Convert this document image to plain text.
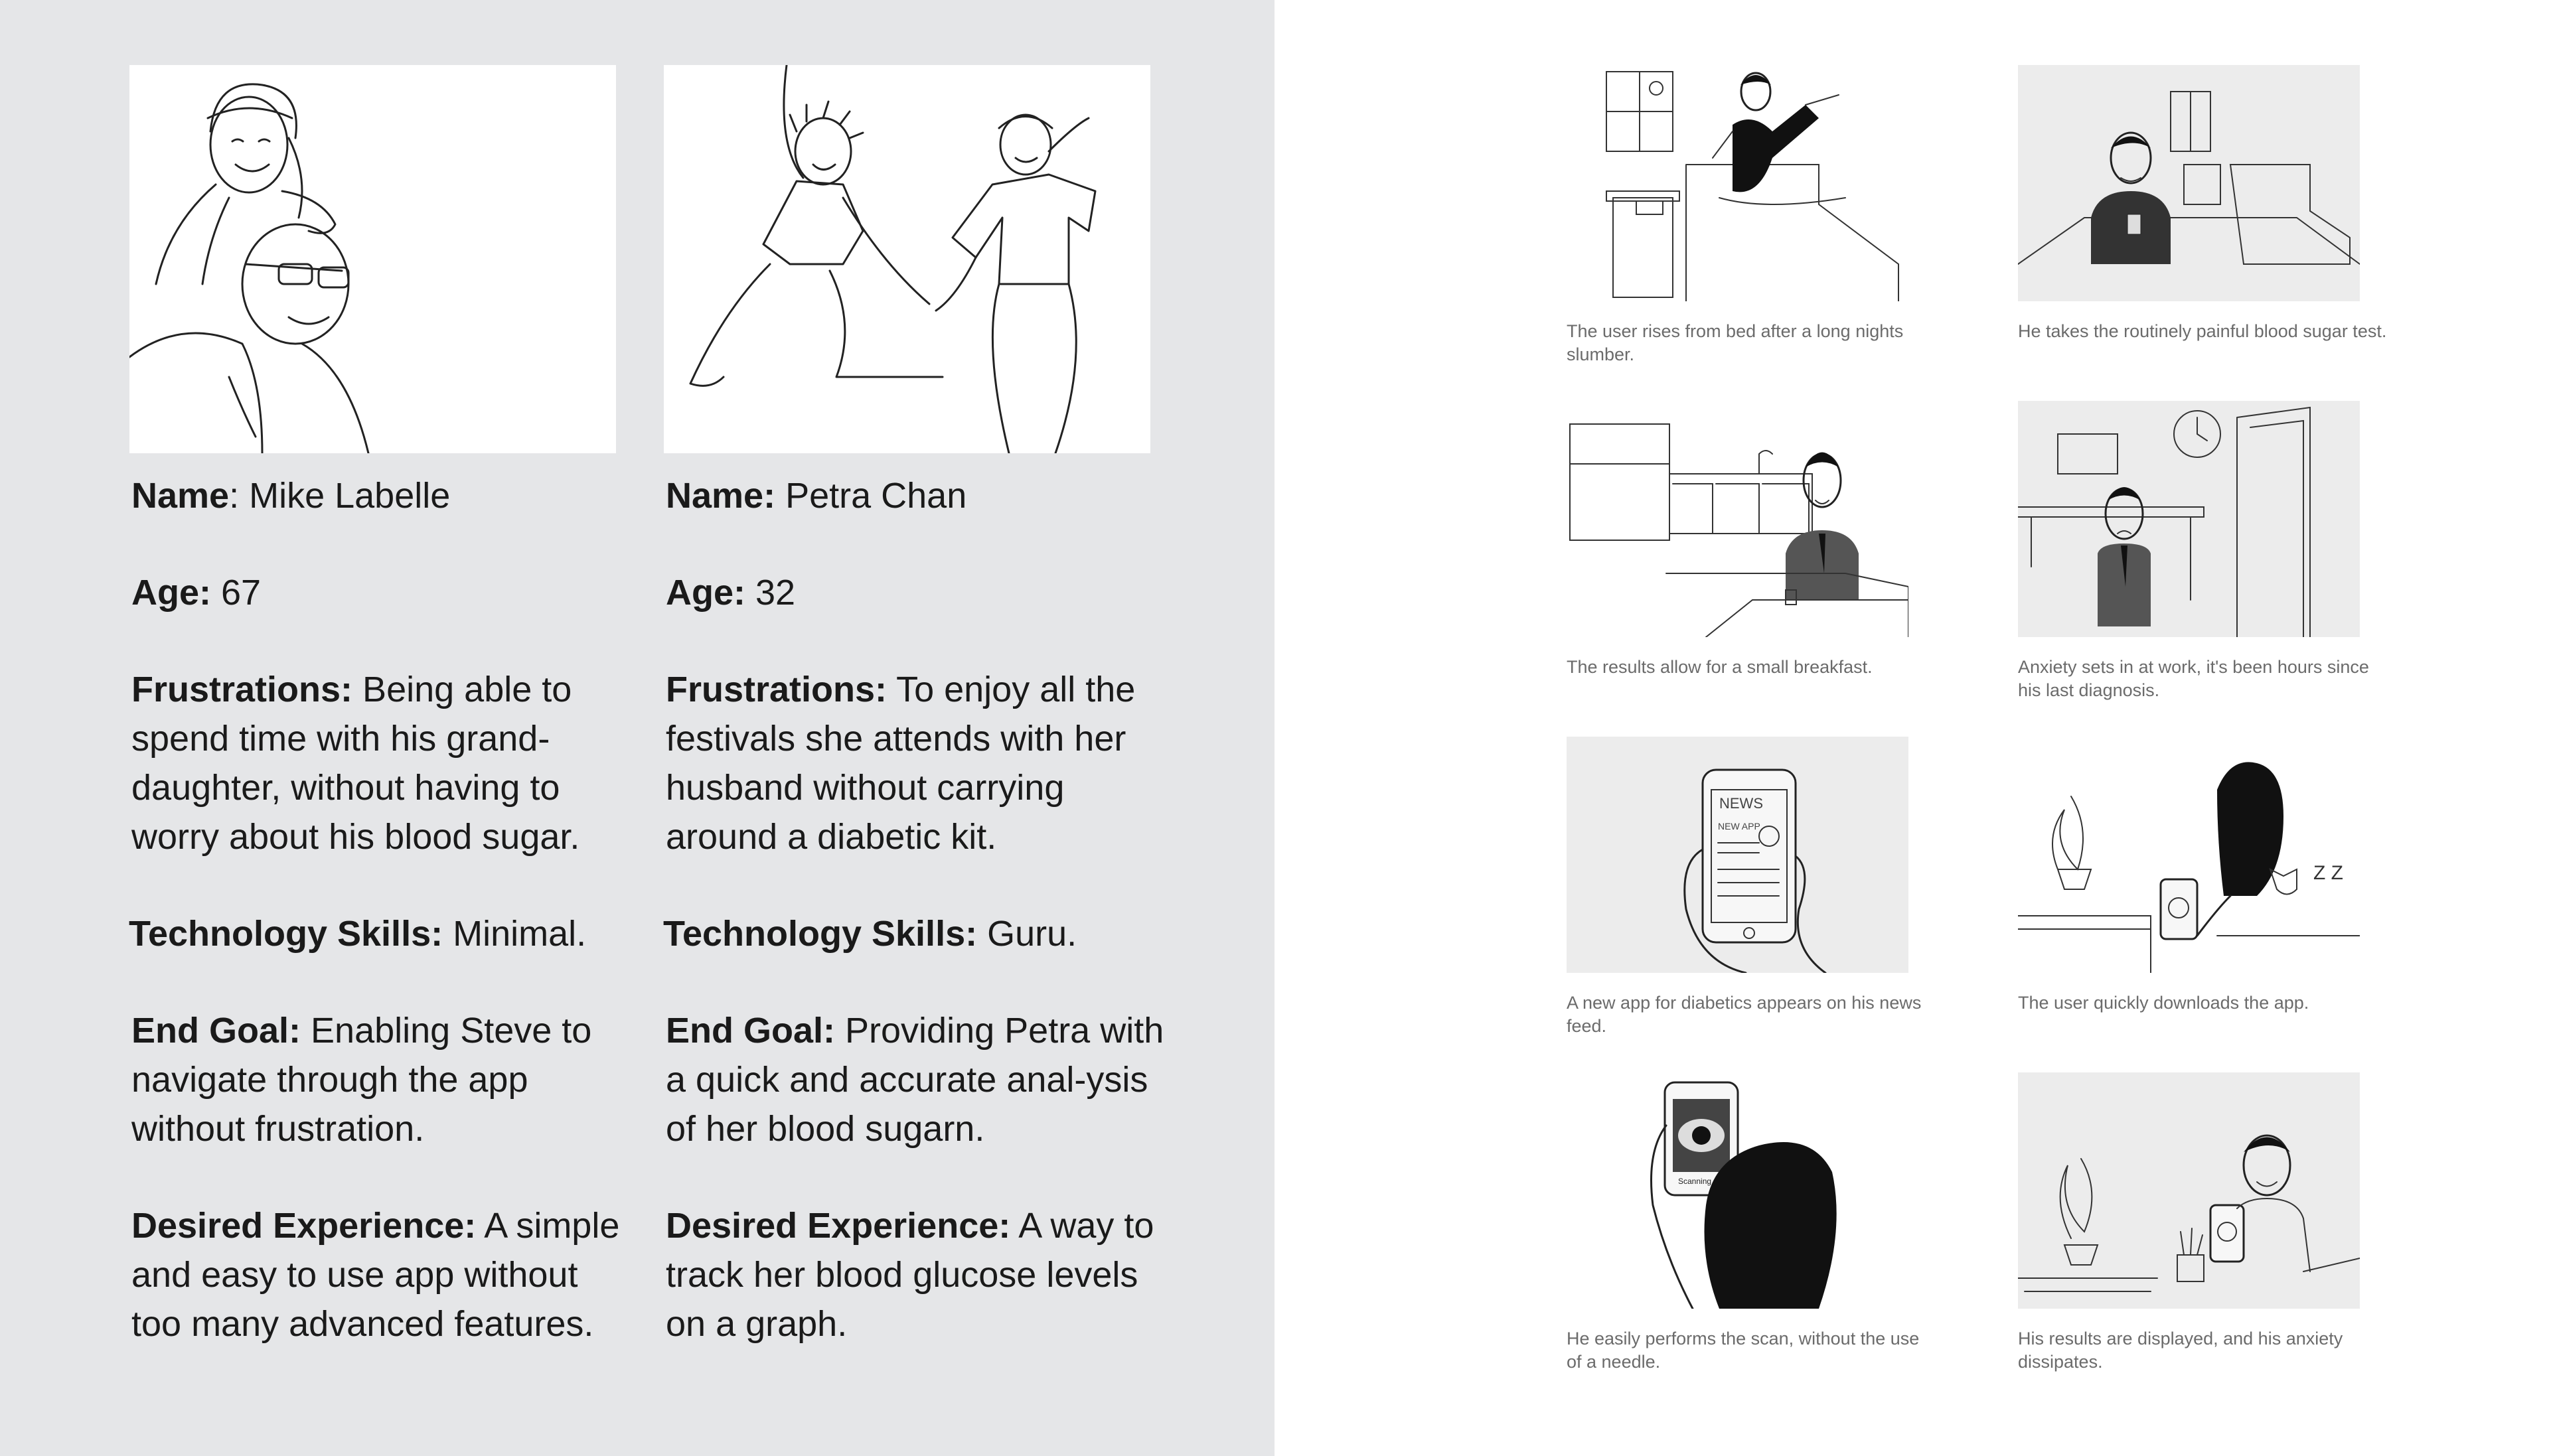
Name: Mike Labelle
Age: 67
Frustrations: Being able to spend time with his grand-daughter, without having to worry about his blood sugar.
Technology Skills: Minimal.
End Goal: Enabling Steve to navigate through the app without frustration.
Desired Experience: A simple and easy to use app without too many advanced features.
Name: Petra Chan
Age: 32
Frustrations: To enjoy all the festivals she attends with her husband without carrying around a diabetic kit.
Technology Skills: Guru.
End Goal: Providing Petra with a quick and accurate anal-ysis of her blood sugarn.
Desired Experience: A way to track her blood glucose levels on a graph.
The user rises from bed after a long nights slumber.
He takes the routinely painful blood sugar test.
The results allow for a small breakfast.	Anxiety sets in at work, it's been hours since his last diagnosis.
NEWS
NEW APP
A new app for diabetics appears on his news feed.
Z Z
The user quickly downloads the app.
Scanning
He easily performs the scan, without the use of a needle.
His results are displayed, and his anxiety dissipates.
